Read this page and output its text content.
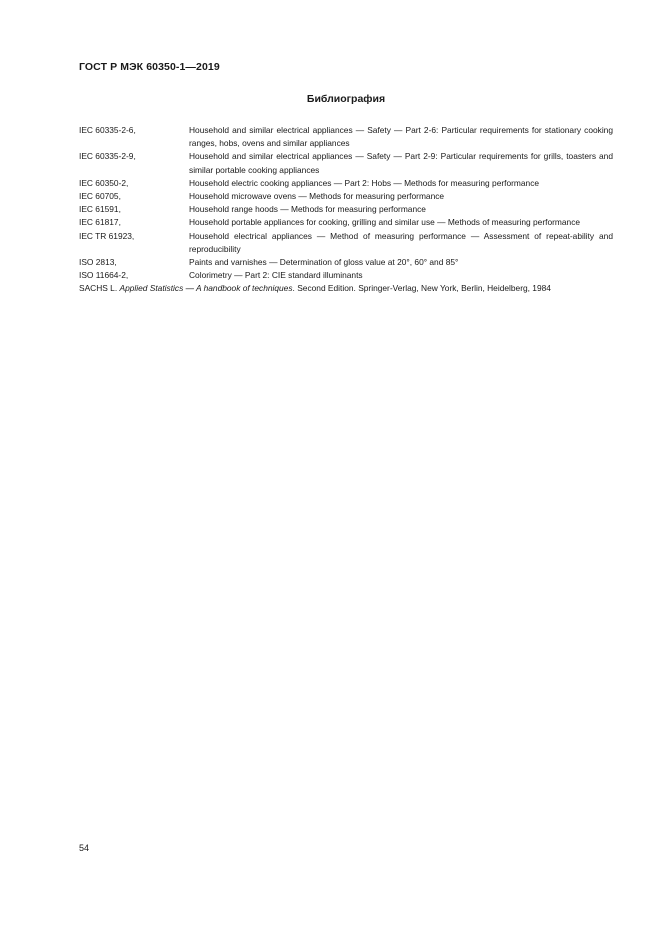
ГОСТ Р МЭК 60350-1—2019
Библиография
IEC 60335-2-6,	Household and similar electrical appliances — Safety — Part 2-6: Particular requirements for stationary cooking ranges, hobs, ovens and similar appliances
IEC 60335-2-9,	Household and similar electrical appliances — Safety — Part 2-9: Particular requirements for grills, toasters and similar portable cooking appliances
IEC 60350-2,	Household electric cooking appliances — Part 2: Hobs — Methods for measuring performance
IEC 60705,	Household microwave ovens — Methods for measuring performance
IEC 61591,	Household range hoods — Methods for measuring performance
IEC 61817,	Household portable appliances for cooking, grilling and similar use — Methods of measuring performance
IEC TR 61923,	Household electrical appliances — Method of measuring performance — Assessment of repeat-ability and reproducibility
ISO 2813,	Paints and varnishes — Determination of gloss value at 20°, 60° and 85°
ISO 11664-2,	Colorimetry — Part 2: CIE standard illuminants
SACHS L. Applied Statistics — A handbook of techniques. Second Edition. Springer-Verlag, New York, Berlin, Heidelberg, 1984
54
